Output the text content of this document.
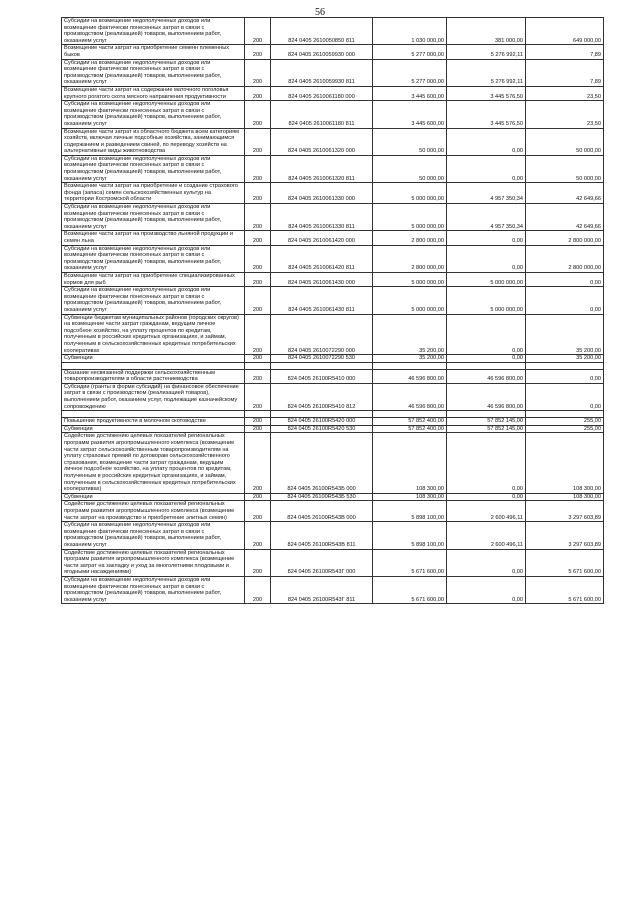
56
Субсидии на возмещение недополученных доходов или возмещение фактически понесенных затрат в связи с производством (реализацией) товаров, выполнением работ, оказанием услуг	200	824 0405 2610050850 811	1 030 000,00	381 000,00	649 000,00
Возмещение части затрат на приобретение семенн племенных быков	200	824 0405 2610059930 000	5 277 000,00	5 276 992,11	7,89
Субсидии на возмещение недополученных доходов или возмещение фактически понесенных затрат в связи с производством (реализацией) товаров, выполнением работ, оказанием услуг	200	824 0405 2610059930 811	5 277 000,00	5 276 992,11	7,89
Возмещение части затрат на содержание маточного поголовья крупного рогатого скота мясного направления продуктивности	200	824 0405 2610061180 000	3 445 600,00	3 445 576,50	23,50
Субсидии на возмещение недополученных доходов или возмещение фактически понесенных затрат в связи с производством (реализацией) товаров, выполнением работ, оказанием услуг	200	824 0405 2610061180 811	3 445 600,00	3 445 576,50	23,50
Возмещение части затрат из областного бюджета всем категориям хозяйств, включая личные подсобные хозяйства, занимающимся содержанием и разведением свиней, по переводу хозяйств на альтернативные виды животноводства	200	824 0405 2610061320 000	50 000,00	0,00	50 000,00
Субсидии на возмещение недополученных доходов или возмещение фактически понесенных затрат в связи с производством (реализацией) товаров, выполнением работ, оказанием услуг	200	824 0405 2610061320 811	50 000,00	0,00	50 000,00
Возмещение части затрат на приобретение и создание страхового фонда (запаса) семян сельскохозяйственных культур на территории Костромской области	200	824 0405 2610061330 000	5 000 000,00	4 957 350,34	42 649,66
Субсидии на возмещение недополученных доходов или возмещение фактически понесенных затрат в связи с производством (реализацией) товаров, выполнением работ, оказанием услуг	200	824 0405 2610061330 811	5 000 000,00	4 957 350,34	42 649,66
Возмещение части затрат на производство льняной продукции и семян льна	200	824 0405 2610061420 000	2 800 000,00	0,00	2 800 000,00
Субсидии на возмещение недополученных доходов или возмещение фактически понесенных затрат в связи с производством (реализацией) товаров, выполнением работ, оказанием услуг	200	824 0405 2610061420 811	2 800 000,00	0,00	2 800 000,00
Возмещение части затрат на приобретение специализированных кормов для рыб	200	824 0405 2610061430 000	5 000 000,00	5 000 000,00	0,00
Субсидии на возмещение недополученных доходов или возмещение фактически понесенных затрат в связи с производством (реализацией) товаров, выполнением работ, оказанием услуг	200	824 0405 2610061430 811	5 000 000,00	5 000 000,00	0,00
Субвенции бюджетам муниципальных районов (городских округов) на возмещение части затрат гражданам, ведущим личное подсобное хозяйство, на уплату процентов по кредитам, полученным в российских кредитных организациях, и займам, полученным в сельскохозяйственных кредитных потребительских кооперативах	200	824 0405 2610072290 000	35 200,00	0,00	35 200,00
Субвенции	200	824 0405 2610072290 530	35 200,00	0,00	35 200,00

Оказание несвязанной поддержки сельскохозяйственным товаропроизводителям в области растениеводства	200	824 0405 26100R5410 000	46 596 800,00	46 596 800,00	0,00
Субсидии (гранты в форме субсидий) на финансовое обеспечение затрат в связи с производством (реализацией товаров), выполнением работ, оказанием услуг, подлежащие казначейскому сопровождению	200	824 0405 26100R5410 812	46 596 800,00	46 596 800,00	0,00

Повышение продуктивности в молочном скотоводстве	200	824 0405 26100R5420 000	57 852 400,00	57 852 145,00	255,00
Субвенции	200	824 0405 26100R5420 530	57 852 400,00	57 852 145,00	255,00
Содействие достижению целевых показателей региональных программ развития агропромышленного комплекса (возмещение части затрат сельскохозяйственным товаропроизводителям на уплату страховых премий по договорам сельскохозяйственного страхования, возмещение части затрат гражданам, ведущим личное подсобное хозяйство, на уплату процентов по кредитам, полученным в российских кредитных организациях, и займам, полученным в сельскохозяйственных кредитных потребительских кооперативах)	200	824 0405 26100R543Б 000	108 300,00	0,00	108 300,00
Субвенции	200	824 0405 26100R543Б 530	108 300,00	0,00	108 300,00
Содействие достижению целевых показателей региональных программ развития агропромышленного комплекса (возмещение части затрат на производство и приобретение элитных семян)	200	824 0405 26100R543В 000	5 898 100,00	2 600 496,11	3 297 603,89
Субсидии на возмещение недополученных доходов или возмещение фактически понесенных затрат в связи с производством (реализацией) товаров, выполнением работ, оказанием услуг	200	824 0405 26100R543В 811	5 898 100,00	2 600 496,11	3 297 603,89
Содействие достижению целевых показателей региональных программ развития агропромышленного комплекса (возмещение части затрат на закладку и уход за многолетними плодовыми и ягодными насаждениями)	200	824 0405 26100R543Г 000	5 671 600,00	0,00	5 671 600,00
Субсидии на возмещение недополученных доходов или возмещение фактически понесенных затрат в связи с производством (реализацией) товаров, выполнением работ, оказанием услуг	200	824 0405 26100R543Г 811	5 671 600,00	0,00	5 671 600,00
